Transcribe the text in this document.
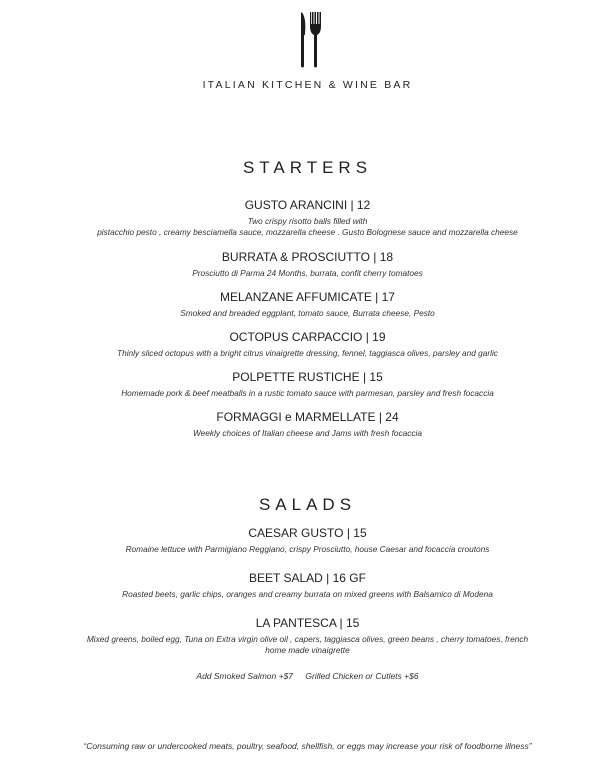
ITALIAN KITCHEN & WINE BAR
STARTERS
GUSTO ARANCINI | 12
Two crispy risotto balls filled with
pistacchio pesto , creamy besciamella sauce, mozzarella cheese . Gusto Bolognese sauce and mozzarella cheese
BURRATA & PROSCIUTTO | 18
Prosciutto di Parma 24 Months, burrata, confit cherry tomatoes
MELANZANE AFFUMICATE | 17
Smoked and breaded eggplant, tomato sauce, Burrata cheese, Pesto
OCTOPUS CARPACCIO | 19
Thinly sliced octopus with a bright citrus vinaigrette dressing, fennel, taggiasca olives, parsley and garlic
POLPETTE RUSTICHE | 15
Homemade pork & beef meatballs in a rustic tomato sauce with parmesan, parsley and fresh focaccia
FORMAGGI e MARMELLATE | 24
Weekly choices of Italian cheese and Jams with fresh focaccia
SALADS
CAESAR GUSTO | 15
Romaine lettuce with Parmigiano Reggiano, crispy Prosciutto, house Caesar and focaccia croutons
BEET SALAD | 16 GF
Roasted beets, garlic chips, oranges and creamy burrata on mixed greens with Balsamico di Modena
LA PANTESCA | 15
Mixed greens, boiled egg, Tuna on Extra virgin olive oil , capers, taggiasca olives, green beans , cherry tomatoes, french
home made vinaigrette
Add Smoked Salmon +$7 Grilled Chicken or Cutlets +$6
“Consuming raw or undercooked meats, poultry, seafood, shellfish, or eggs may increase your risk of foodborne illness”
